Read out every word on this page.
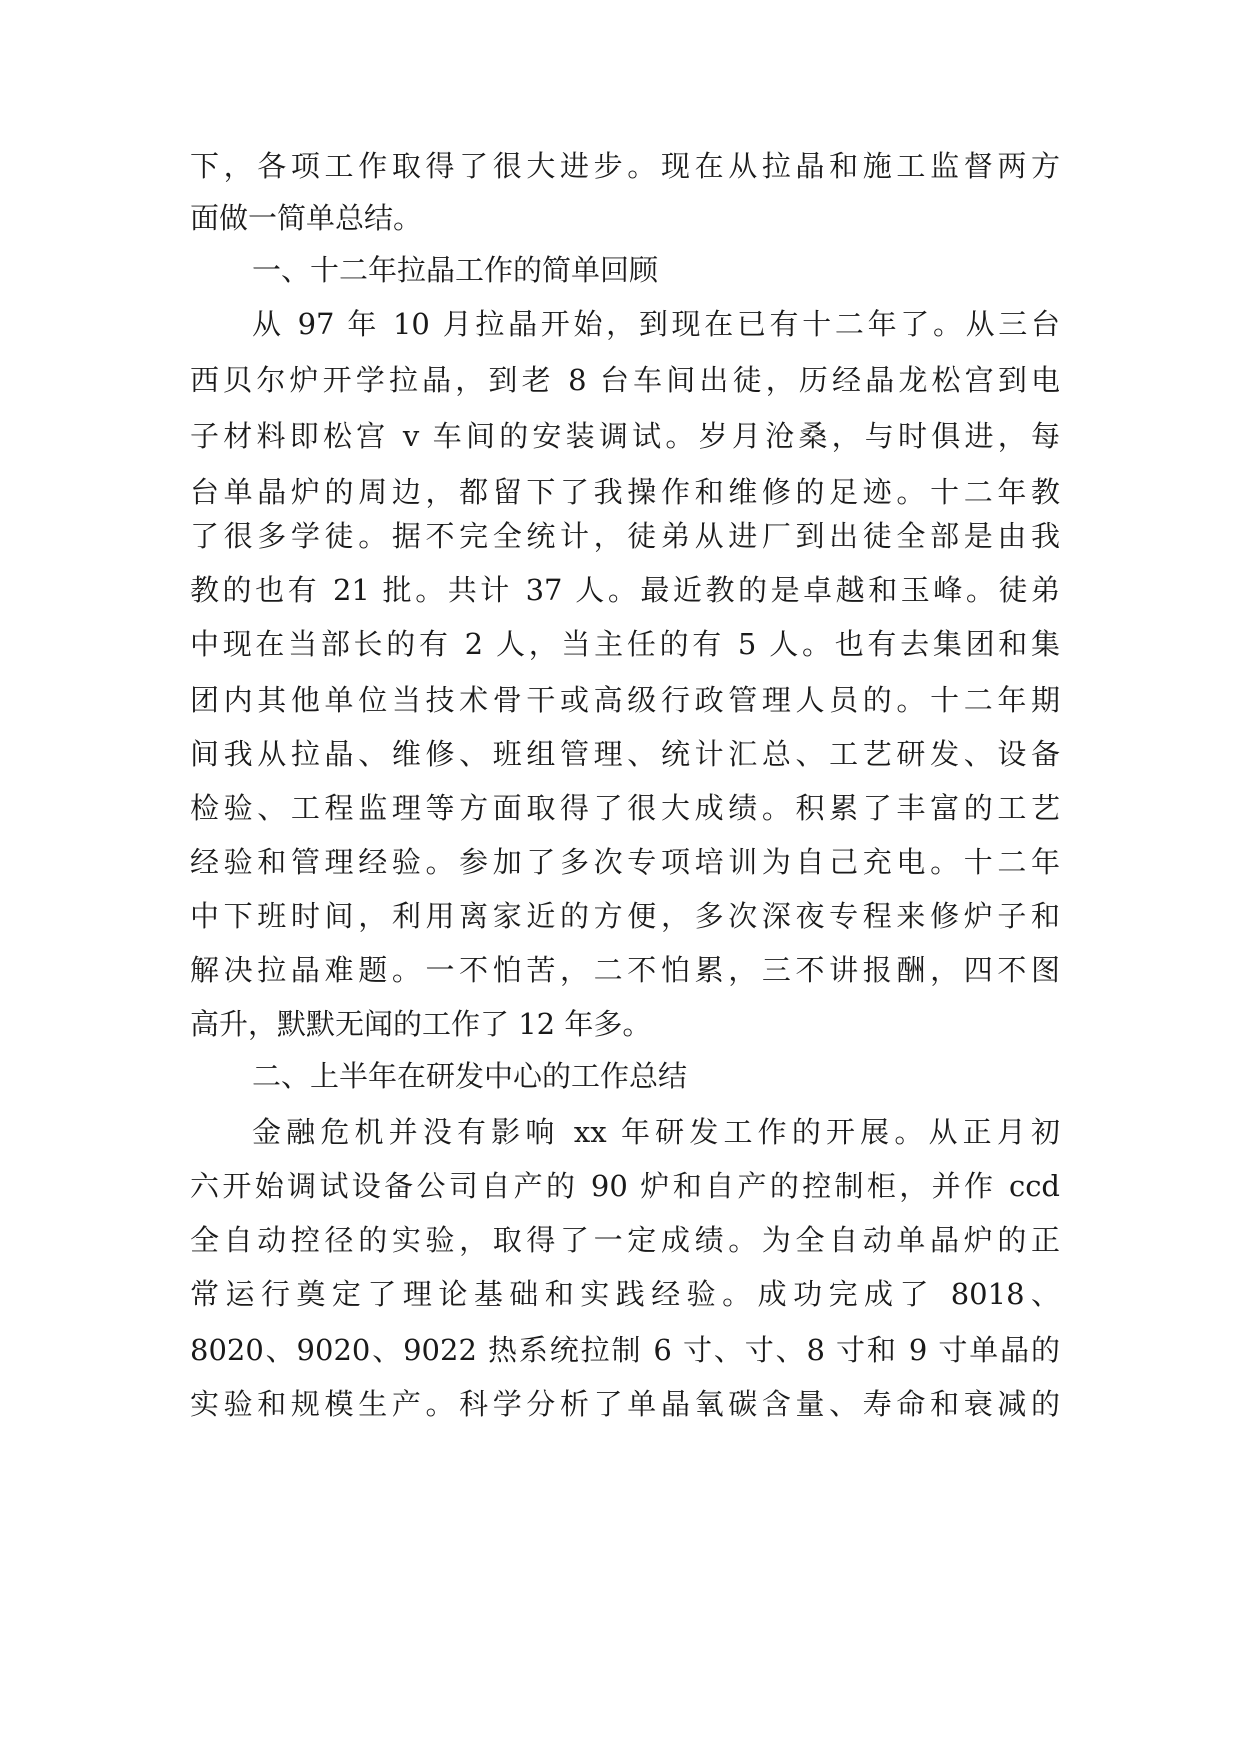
下，各项工作取得了很大进步。现在从拉晶和施工监督两方

面做一简单总结。

一、十二年拉晶工作的简单回顾

从 97 年 10 月拉晶开始，到现在已有十二年了。从三台

西贝尔炉开学拉晶，到老 8 台车间出徒，历经晶龙松宫到电

子材料即松宫 v 车间的安装调试。岁月沧桑，与时俱进，每

台单晶炉的周边，都留下了我操作和维修的足迹。十二年教

了很多学徒。据不完全统计，徒弟从进厂到出徒全部是由我

教的也有 21 批。共计 37 人。最近教的是卓越和玉峰。徒弟

中现在当部长的有 2 人，当主任的有 5 人。也有去集团和集

团内其他单位当技术骨干或高级行政管理人员的。十二年期

间我从拉晶、维修、班组管理、统计汇总、工艺研发、设备

检验、工程监理等方面取得了很大成绩。积累了丰富的工艺

经验和管理经验。参加了多次专项培训为自己充电。十二年

中下班时间，利用离家近的方便，多次深夜专程来修炉子和

解决拉晶难题。一不怕苦，二不怕累，三不讲报酬，四不图

高升，默默无闻的工作了 12 年多。

二、上半年在研发中心的工作总结

金融危机并没有影响 xx 年研发工作的开展。从正月初

六开始调试设备公司自产的 90 炉和自产的控制柜，并作 ccd

全自动控径的实验，取得了一定成绩。为全自动单晶炉的正

常运行奠定了理论基础和实践经验。成功完成了 8018、

8020、9020、9022 热系统拉制 6 寸、寸、8 寸和 9 寸单晶的

实验和规模生产。科学分析了单晶氧碳含量、寿命和衰减的
